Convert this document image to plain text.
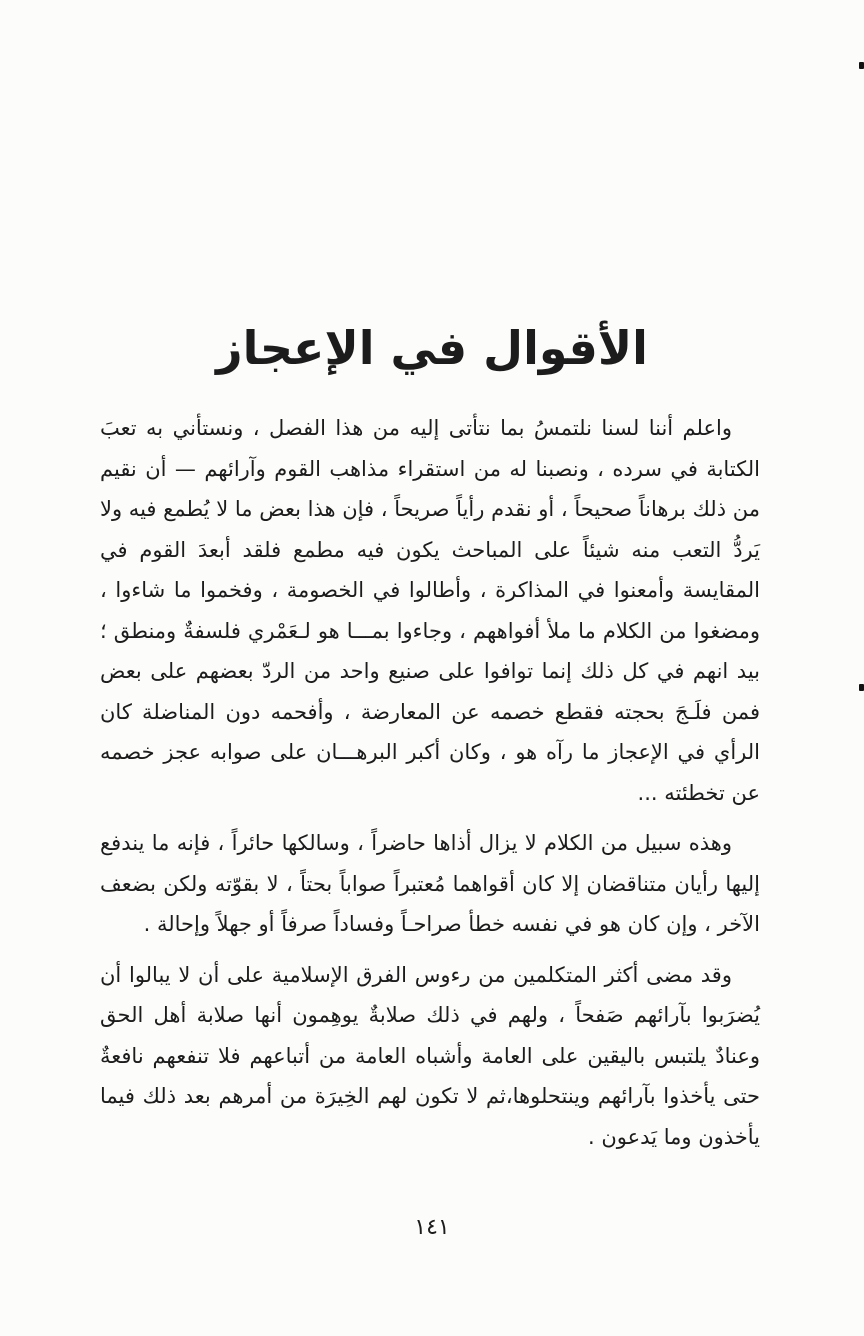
الأقوال في الإعجاز

واعلم أننا لسنا نلتمسُ بما نتأتى إليه من هذا الفصل ، ونستأني به تعبَ الكتابة في سرده ، ونصبنا له من استقراء مذاهب القوم وآرائهم — أن نقيم من ذلك برهاناً صحيحاً ، أو نقدم رأياً صريحاً ، فإن هذا بعض ما لا يُطمع فيه ولا يَردُّ التعب منه شيئاً على المباحث يكون فيه مطمع فلقد أبعدَ القوم في المقايسة وأمعنوا في المذاكرة ، وأطالوا في الخصومة ، وفخموا ما شاءوا ، ومضغوا من الكلام ما ملأ أفواههم ، وجاءوا بمـــا هو لـعَمْري فلسفةٌ ومنطق ؛ بيد انهم في كل ذلك إنما توافوا على صنيع واحد من الردّ بعضهم على بعض فمن فلَـجَ بحجته فقطع خصمه عن المعارضة ، وأفحمه دون المناضلة كان الرأي في الإعجاز ما رآه هو ، وكان أكبر البرهـــان على صوابه عجز خصمه عن تخطئته ...

وهذه سبيل من الكلام لا يزال أذاها حاضراً ، وسالكها حائراً ، فإنه ما يندفع إليها رأيان متناقضان إلا كان أقواهما مُعتبراً صواباً بحتاً ، لا بقوّته ولكن بضعف الآخر ، وإن كان هو في نفسه خطأ صراحـاً وفساداً صرفاً أو جهلاً وإحالة .

وقد مضى أكثر المتكلمين من رءوس الفرق الإسلامية على أن لا يبالوا أن يُضرَبوا بآرائهم صَفحاً ، ولهم في ذلك صلابةٌ يوهِمون أنها صلابة أهل الحق وعنادٌ يلتبس باليقين على العامة وأشباه العامة من أتباعهم فلا تنفعهم نافعةٌ حتى يأخذوا بآرائهم وينتحلوها،ثم لا تكون لهم الخِيرَة من أمرهم بعد ذلك فيما يأخذون وما يَدعون .

١٤١
